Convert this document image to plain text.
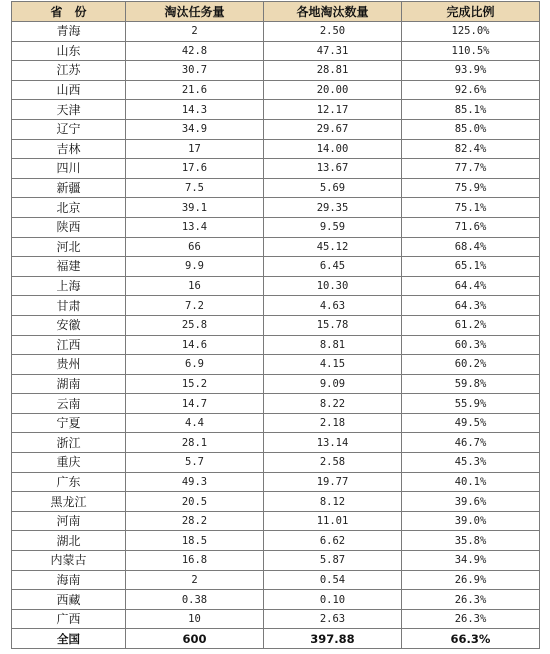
省　份	淘汰任务量	各地淘汰数量	完成比例
青海	2	2.50	125.0%
山东	42.8	47.31	110.5%
江苏	30.7	28.81	93.9%
山西	21.6	20.00	92.6%
天津	14.3	12.17	85.1%
辽宁	34.9	29.67	85.0%
吉林	17	14.00	82.4%
四川	17.6	13.67	77.7%
新疆	7.5	5.69	75.9%
北京	39.1	29.35	75.1%
陕西	13.4	9.59	71.6%
河北	66	45.12	68.4%
福建	9.9	6.45	65.1%
上海	16	10.30	64.4%
甘肃	7.2	4.63	64.3%
安徽	25.8	15.78	61.2%
江西	14.6	8.81	60.3%
贵州	6.9	4.15	60.2%
湖南	15.2	9.09	59.8%
云南	14.7	8.22	55.9%
宁夏	4.4	2.18	49.5%
浙江	28.1	13.14	46.7%
重庆	5.7	2.58	45.3%
广东	49.3	19.77	40.1%
黑龙江	20.5	8.12	39.6%
河南	28.2	11.01	39.0%
湖北	18.5	6.62	35.8%
内蒙古	16.8	5.87	34.9%
海南	2	0.54	26.9%
西藏	0.38	0.10	26.3%
广西	10	2.63	26.3%
全国	600	397.88	66.3%
